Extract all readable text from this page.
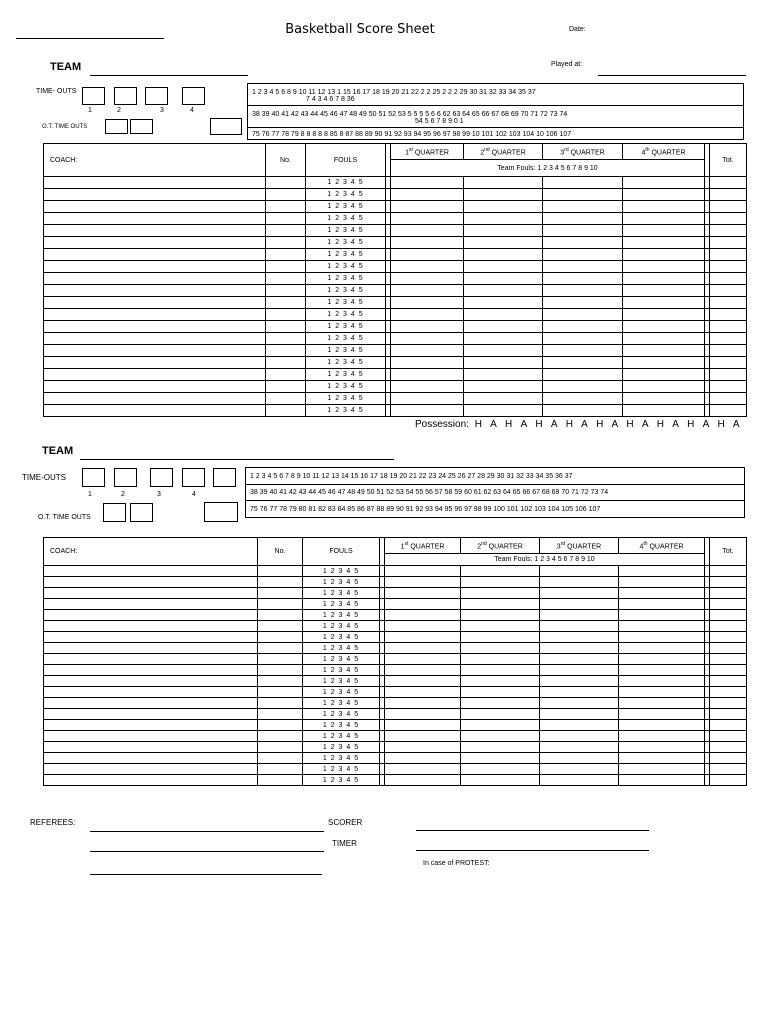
Basketball Score Sheet	Date:
TEAM	Played at:
TIME- OUTS
1	2	3	4
O.T. TIME OUTS
1 2 3 4 5 6 8 9 10 11 12 13 1 15 16 17 18 19 20 21 22 2 2 25 2 2 2 29 30 31 32 33 34 35 37
7 4 3 4 6 7 8 36
38 39 40 41 42 43 44 45 46 47 48 49 50 51 52 53 5 5 5 5 6 6 62 63 64 65 66 67 68 69 70 71 72 73 74
54 5 6 7 8 9 0 1
75 76 77 78 79 8 8 8 8 8 85 8 87 88 89 90 91 92 93 94 95 96 97 98 99 10 101 102 103 104 10 106 107
COACH:	No.	FOULS		1st QUARTER	2nd QUARTER	3rd QUARTER	4th QUARTER		Tot.
				Team Fouls: 1 2 3 4 5 6 7 8 9 10					
		1 2 3 4 5							
		1 2 3 4 5							
		1 2 3 4 5							
		1 2 3 4 5							
		1 2 3 4 5							
		1 2 3 4 5							
		1 2 3 4 5							
		1 2 3 4 5							
		1 2 3 4 5							
		1 2 3 4 5							
		1 2 3 4 5							
		1 2 3 4 5							
		1 2 3 4 5							
		1 2 3 4 5							
		1 2 3 4 5							
		1 2 3 4 5							
		1 2 3 4 5							
		1 2 3 4 5							
		1 2 3 4 5							
		1 2 3 4 5							
Possession: H A H A H A H A H A H A H A H A H A
TEAM
TIME-OUTS
1	2	3	4
O.T. TIME OUTS
1 2 3 4 5 6 7 8 9 10 11 12 13 14 15 16 17 18 19 20 21 22 23 24 25 26 27 28 29 30 31 32 33 34 35 36 37
38 39 40 41 42 43 44 45 46 47 48 49 50 51 52 53 54 55 56 57 58 59 60 61 62 63 64 65 66 67 68 69 70 71 72 73 74
75 76 77 78 79 80 81 82 83 84 85 86 87 88 89 90 91 92 93 94 95 96 97 98 99 100 101 102 103 104 105 106 107
COACH:	No.	FOULS		1st QUARTER	2nd QUARTER	3rd QUARTER	4th QUARTER		Tot.
				Team Fouls: 1 2 3 4 5 6 7 8 9 10					
		1 2 3 4 5							
		1 2 3 4 5							
		1 2 3 4 5							
		1 2 3 4 5							
		1 2 3 4 5							
		1 2 3 4 5							
		1 2 3 4 5							
		1 2 3 4 5							
		1 2 3 4 5							
		1 2 3 4 5							
		1 2 3 4 5							
		1 2 3 4 5							
		1 2 3 4 5							
		1 2 3 4 5							
		1 2 3 4 5							
		1 2 3 4 5							
		1 2 3 4 5							
		1 2 3 4 5							
		1 2 3 4 5							
		1 2 3 4 5							
REFEREES:	SCORER
TIMER
In case of PROTEST:
